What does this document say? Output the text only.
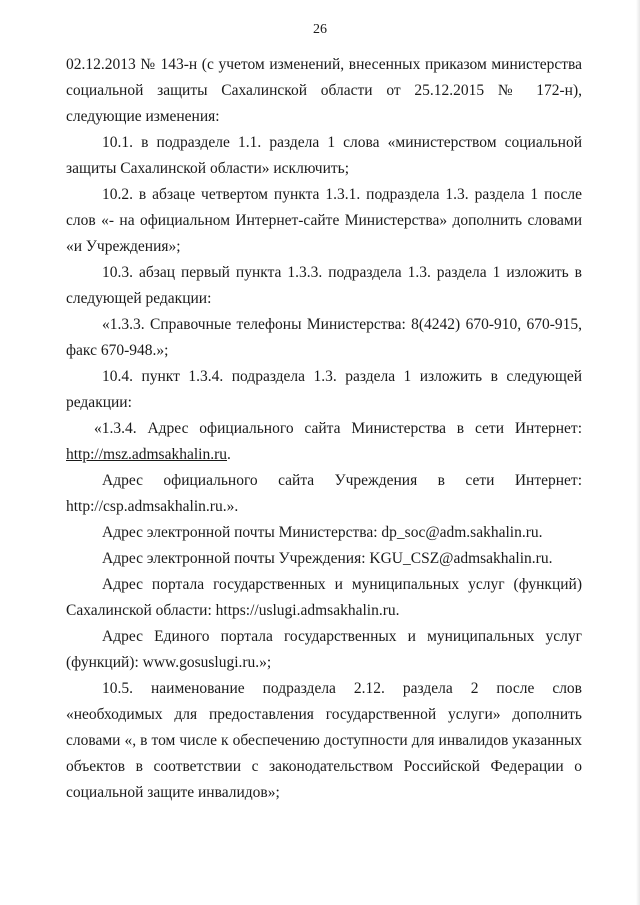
26

02.12.2013 № 143-н (с учетом изменений, внесенных приказом министерства социальной защиты Сахалинской области от 25.12.2015 № 172-н), следующие изменения:

10.1. в подразделе 1.1. раздела 1 слова «министерством социальной защиты Сахалинской области» исключить;

10.2. в абзаце четвертом пункта 1.3.1. подраздела 1.3. раздела 1 после слов «- на официальном Интернет-сайте Министерства» дополнить словами «и Учреждения»;

10.3. абзац первый пункта 1.3.3. подраздела 1.3. раздела 1 изложить в следующей редакции:

«1.3.3. Справочные телефоны Министерства: 8(4242) 670-910, 670-915, факс 670-948.»;

10.4. пункт 1.3.4. подраздела 1.3. раздела 1 изложить в следующей редакции:

«1.3.4. Адрес официального сайта Министерства в сети Интернет: http://msz.admsakhalin.ru.

Адрес официального сайта Учреждения в сети Интернет: http://csp.admsakhalin.ru.».

Адрес электронной почты Министерства: dp_soc@adm.sakhalin.ru.

Адрес электронной почты Учреждения: KGU_CSZ@admsakhalin.ru.

Адрес портала государственных и муниципальных услуг (функций) Сахалинской области: https://uslugi.admsakhalin.ru.

Адрес Единого портала государственных и муниципальных услуг (функций): www.gosuslugi.ru.»;

10.5. наименование подраздела 2.12. раздела 2 после слов «необходимых для предоставления государственной услуги» дополнить словами «, в том числе к обеспечению доступности для инвалидов указанных объектов в соответствии с законодательством Российской Федерации о социальной защите инвалидов»;
